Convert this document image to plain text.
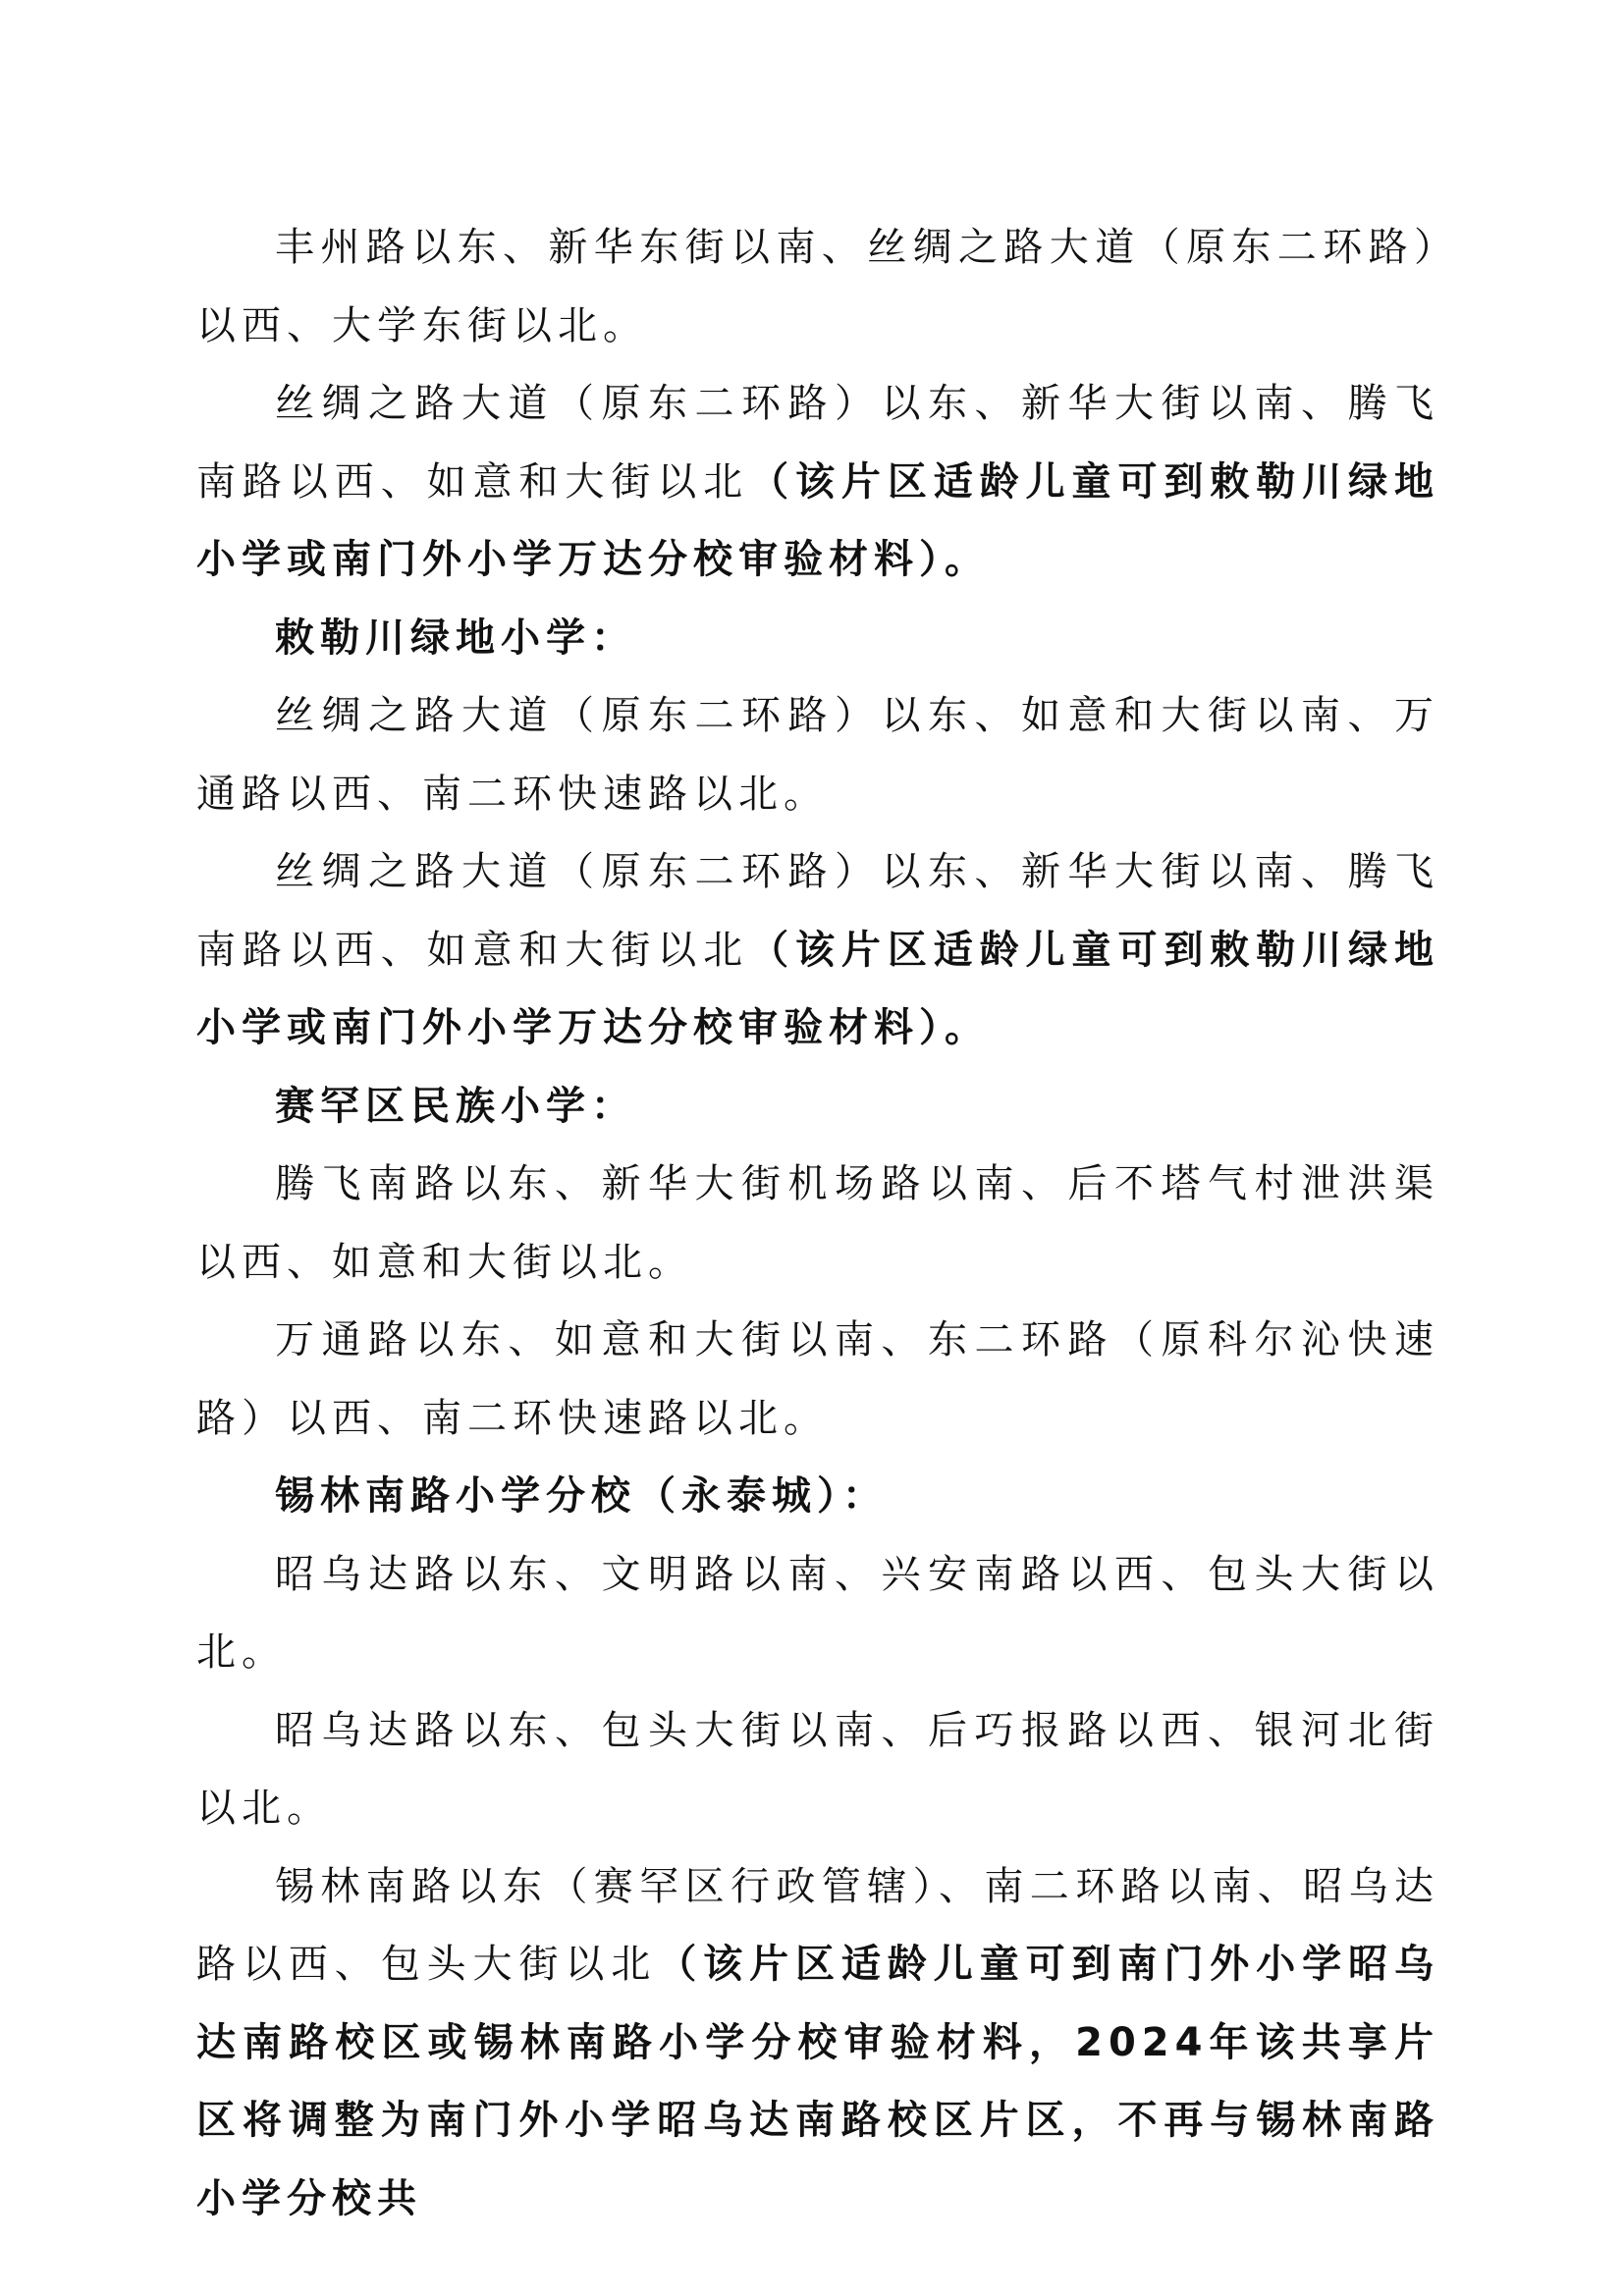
丰州路以东、新华东街以南、丝绸之路大道（原东二环路）以西、大学东街以北。

丝绸之路大道（原东二环路）以东、新华大街以南、腾飞南路以西、如意和大街以北（该片区适龄儿童可到敕勒川绿地小学或南门外小学万达分校审验材料）。

敕勒川绿地小学：

丝绸之路大道（原东二环路）以东、如意和大街以南、万通路以西、南二环快速路以北。

丝绸之路大道（原东二环路）以东、新华大街以南、腾飞南路以西、如意和大街以北（该片区适龄儿童可到敕勒川绿地小学或南门外小学万达分校审验材料）。

赛罕区民族小学：

腾飞南路以东、新华大街机场路以南、后不塔气村泄洪渠以西、如意和大街以北。

万通路以东、如意和大街以南、东二环路（原科尔沁快速路）以西、南二环快速路以北。

锡林南路小学分校（永泰城）：

昭乌达路以东、文明路以南、兴安南路以西、包头大街以北。

昭乌达路以东、包头大街以南、后巧报路以西、银河北街以北。

锡林南路以东（赛罕区行政管辖）、南二环路以南、昭乌达路以西、包头大街以北（该片区适龄儿童可到南门外小学昭乌达南路校区或锡林南路小学分校审验材料，2024年该共享片区将调整为南门外小学昭乌达南路校区片区，不再与锡林南路小学分校共
